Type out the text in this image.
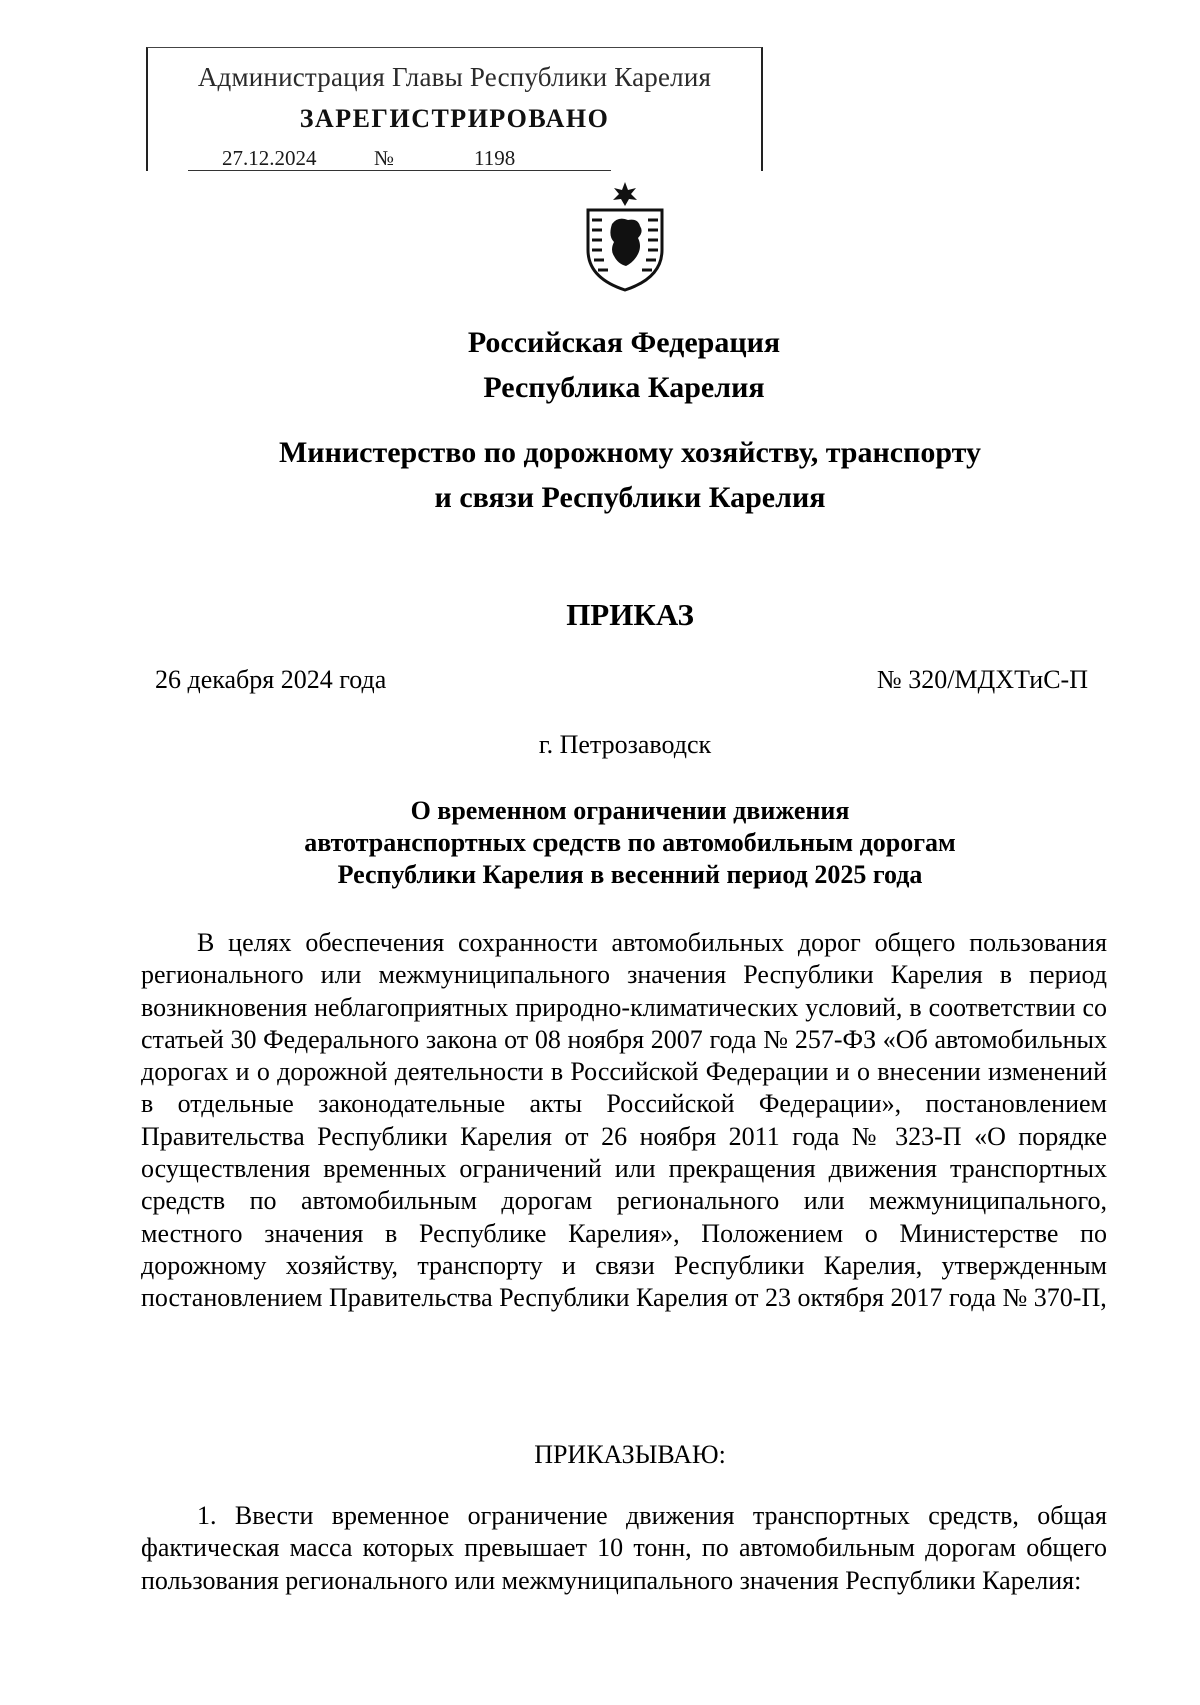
Администрация Главы Республики Карелия
ЗАРЕГИСТРИРОВАНО
27.12.2024	№	1198
Российская Федерация
Республика Карелия
Министерство по дорожному хозяйству, транспорту
и связи Республики Карелия
ПРИКАЗ
26 декабря 2024 года	№ 320/МДХТиС-П
г. Петрозаводск
О временном ограничении движения
автотранспортных средств по автомобильным дорогам
Республики Карелия в весенний период 2025 года
В целях обеспечения сохранности автомобильных дорог общего пользования регионального или межмуниципального значения Республики Карелия в период возникновения неблагоприятных природно-климатических условий, в соответствии со статьей 30 Федерального закона от 08 ноября 2007 года № 257-ФЗ «Об автомобильных дорогах и о дорожной деятельности в Российской Федерации и о внесении изменений в отдельные законодательные акты Российской Федерации», постановлением Правительства Республики Карелия от 26 ноября 2011 года № 323-П «О порядке осуществления временных ограничений или прекращения движения транспортных средств по автомобильным дорогам регионального или межмуниципального, местного значения в Республике Карелия», Положением о Министерстве по дорожному хозяйству, транспорту и связи Республики Карелия, утвержденным постановлением Правительства Республики Карелия от 23 октября 2017 года № 370-П,
ПРИКАЗЫВАЮ:
1. Ввести временное ограничение движения транспортных средств, общая фактическая масса которых превышает 10 тонн, по автомобильным дорогам общего пользования регионального или межмуниципального значения Республики Карелия:
